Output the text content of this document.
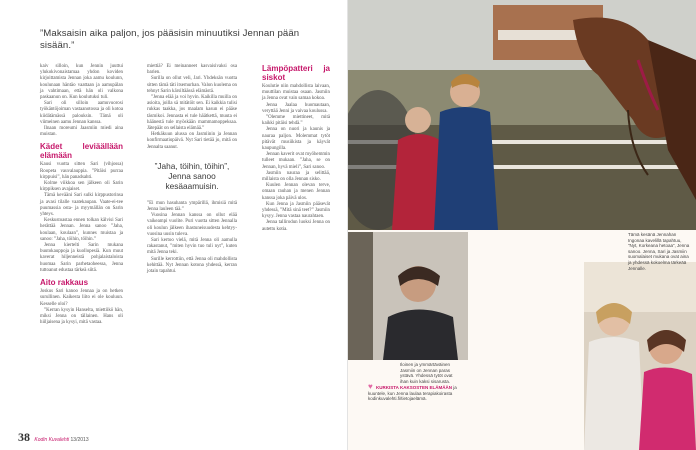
”Maksaisin aika paljon, jos pääsisin minuutiksi Jennan pään sisään.”

kaiv silloin, kun Jennin juuttui ylukokivonaistamaa yhdon koviden kirjoittamista Jennan joka aamu koulunn, koulunaan häntäo vaattaan ja aamupälan ja vahtimaan, että hän oli valkona paskaanun on. Kun koulutuksi tuli.

Sari oli silloin aamuvuorosi työkäntöjoiman vastaanotossa ja oli kotoa kiidätämässä palouksin. Tämä oli viimeinen aamu Jennan kanssa.

Ilnaan moreumi Jaasmiin miedi aina muistan.

Kädet leviäällään elämään

Kausi vuotta sitten Sari (vihjossa) Roopeta vauvalauppia. ”Pitäisi purraa kirppuisi”, hän panadsahti.

Kolme viikkoa sen jälkeen oli Sarin kirppiksen avajaiset.

Tämä kevääni Sari sulki kirppustorinsa ja avasi tilalle vaatekaupan. Vaate-ei-tee puumassia osta- ja myymällän on Sarin yhteys.

Keskustoastaa ennen tolkan kälvisi Sari herättää Jennan. Jenna sanoo ”Jaha, koulaan, koulaan”, kunnes muistaa ja sanoo: ”Jaha, töihin, töihin.”

Jenna kiertelti Sarin mukana buutokauppoja ja kuollopesiä. Kun muut kaverat hiljenneistä pohjalaistaloista huomaa Sarin parhetaoheessa, Jenna tuttoanut edustaa tärkeä siitä.

Aito rakkaus

Joskus Sari kanoo Jennaa ja on hetken surullinen. Kaikesta liito ei ole kouluun. Kesselle oloi?

”Kerran kysyin Hanselta, miettiikö hän, miksi Jenna on tällainen. Hans oli hiiljaisena ja kysyi, mitä vastaa.

miettiä? Ei meinanneet kasvaisivaksi osa barien.

Surilla on ollut veli, Jari. Yhdeksän vuotta sitten tämä täti itsemurhan. Valon kuolema on tehnyt Sarin kärsiltäässä elämästä.

”Jenna elää ja voi hyvin. Kaikilla muilla on asioita, joilla sä mitätöit sen. Ei kaikkia tulisi rukkas taakka, jos maalam kasun ei pääse täsmikoi. Jennasta ei tule häätkettä, muuta ei häänestä tule myöskään mammamoppeksaa. Jätepäät on sellaista elämää.”

Hetkäkuun alussa on Jasmiinin ja Jennan konfirmaatiopäivä. Nyt Sari tietää jo, mitä on Jennalta saanut.

”Jaha, töihin, töihin”, Jenna sanoo kesäaamuisin.

”Ei mun hasuhanta ympärillä, ihmisiä mitä Jenna lauleen tää.”

Vuosina Jennan kanssa on ollut elää vaikeampi vuolite. Puri vuotta sitten Jennalla oli koulun jälkeen ihastuneisuudesta kehtyy-vuosina uusin tuleva.

Sari kertoo vielä, mitä Jenna oli aamulla rakastanut, ”miten hyvin tuo tuli nyt”, kuten mitä Jenna teki.

Surille kerrottiin, että Jenna oli mahdollista kehittää. Nyt Jennan kotona yhdessä, kerran jotain tapahtui.

Lämpöpatteri ja siskot

Koulutie niin mahdollista laivaan, muuttilan muistaa osaan. Jasmiin ja Jenna ovat vain samaa kokoa.

Jenna Jaalaa huomautaan, veryttää Jenni ja vaivaa koulussa.

”Olemme miettineet, mitä kaikki pitäisi tehdä.”

Jenna on nuori ja kaunis ja nauraa paljon. Molemmat tytöt pitävät musiikista ja käyvät kaupungilla.

Jennan kaverit ovat myöhemmin tulleet mukaan. ”Jaha, se on Jennan, hyvä mieli”, Sari sanoo.

Jasmiin nauraa ja selittää, millaista on olla Jennan sisko.

Kuulen Jennan olevan terve, omaan rauhan ja menen Jennan kanssa joka päivä ulos.

Kun Jenna ja Jasmiin pääsevät yhdessä, ”Mitä sinä teet?” Jasmiin kysyy. Jenna vastaa naurahtaen.

Jenna tallirodun luoksi Jenna on autettu kotia.

38 Kodin Kuvalehti 13/2013
Tämä kesänä Jennahan Ingonaa kavelillä tapahtuu, ”Nyt, Korkeana hetoaa”, Jenna sanoo. Jenna, Sari ja Jasmiin suomalaiset mukana ovat aina ja yhdessä kokoelma tärkeää Jennalle.
Iloinen ja ymmärtäväinen Jasmiin on Jennan paras ystävä. Yhdessä tytöt ovat ihan kuin kaksi sisarusta.
♥ KURKISTA KAKSOSTEN ELÄMÄÄN ja kuuntele, kun Jenna laulaa terapiakoirasta kodinkuvalehti.fi/tietojaelämä.
